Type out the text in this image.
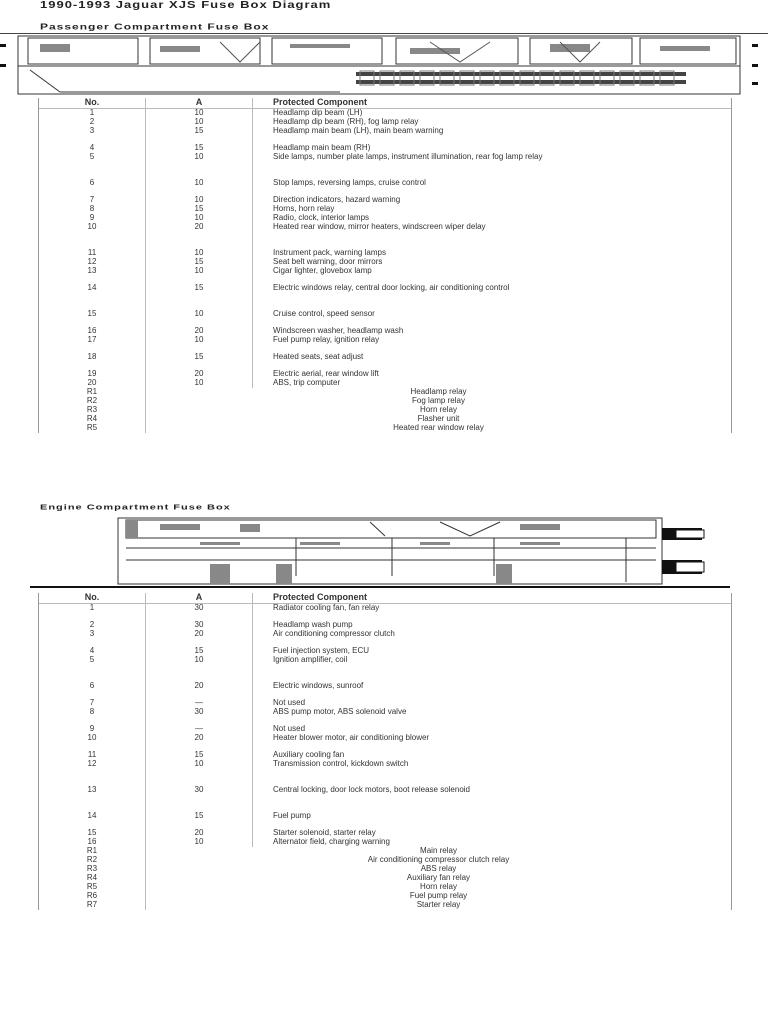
1990-1993 Jaguar XJS Fuse Box Diagram
Passenger Compartment Fuse Box
No.	A	Protected Component
1	10	Headlamp dip beam (LH)
2	10	Headlamp dip beam (RH), fog lamp relay
3	15	Headlamp main beam (LH), main beam warning
4	15	Headlamp main beam (RH)
5	10	Side lamps, number plate lamps, instrument illumination, rear fog lamp relay
6	10	Stop lamps, reversing lamps, cruise control
7	10	Direction indicators, hazard warning
8	15	Horns, horn relay
9	10	Radio, clock, interior lamps
10	20	Heated rear window, mirror heaters, windscreen wiper delay
11	10	Instrument pack, warning lamps
12	15	Seat belt warning, door mirrors
13	10	Cigar lighter, glovebox lamp
14	15	Electric windows relay, central door locking, air conditioning control
15	10	Cruise control, speed sensor
16	20	Windscreen washer, headlamp wash
17	10	Fuel pump relay, ignition relay
18	15	Heated seats, seat adjust
19	20	Electric aerial, rear window lift
20	10	ABS, trip computer
R1	Headlamp relay
R2	Fog lamp relay
R3	Horn relay
R4	Flasher unit
R5	Heated rear window relay
Engine Compartment Fuse Box
No.	A	Protected Component
1	30	Radiator cooling fan, fan relay
2	30	Headlamp wash pump
3	20	Air conditioning compressor clutch
4	15	Fuel injection system, ECU
5	10	Ignition amplifier, coil
6	20	Electric windows, sunroof
7	—	Not used
8	30	ABS pump motor, ABS solenoid valve
9	—	Not used
10	20	Heater blower motor, air conditioning blower
11	15	Auxiliary cooling fan
12	10	Transmission control, kickdown switch
13	30	Central locking, door lock motors, boot release solenoid
14	15	Fuel pump
15	20	Starter solenoid, starter relay
16	10	Alternator field, charging warning
R1	Main relay
R2	Air conditioning compressor clutch relay
R3	ABS relay
R4	Auxiliary fan relay
R5	Horn relay
R6	Fuel pump relay
R7	Starter relay
